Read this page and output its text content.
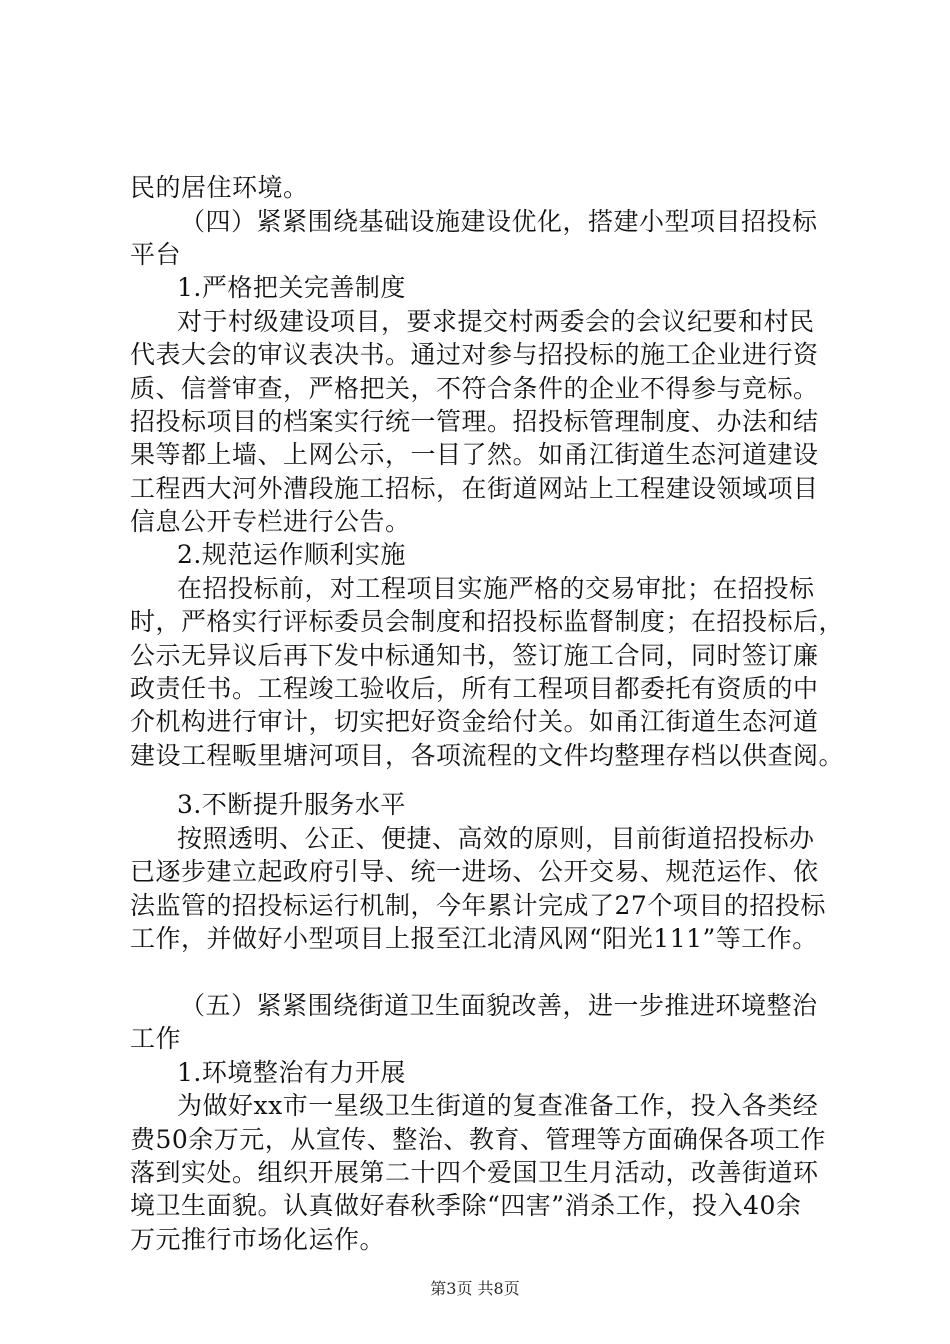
民的居住环境。
（四）紧紧围绕基础设施建设优化，搭建小型项目招投标
平台
1.严格把关完善制度
对于村级建设项目，要求提交村两委会的会议纪要和村民
代表大会的审议表决书。通过对参与招投标的施工企业进行资
质、信誉审查，严格把关，不符合条件的企业不得参与竞标。
招投标项目的档案实行统一管理。招投标管理制度、办法和结
果等都上墙、上网公示，一目了然。如甬江街道生态河道建设
工程西大河外漕段施工招标，在街道网站上工程建设领域项目
信息公开专栏进行公告。
2.规范运作顺利实施
在招投标前，对工程项目实施严格的交易审批；在招投标
时，严格实行评标委员会制度和招投标监督制度；在招投标后，
公示无异议后再下发中标通知书，签订施工合同，同时签订廉
政责任书。工程竣工验收后，所有工程项目都委托有资质的中
介机构进行审计，切实把好资金给付关。如甬江街道生态河道
建设工程畈里塘河项目，各项流程的文件均整理存档以供查阅。
3.不断提升服务水平
按照透明、公正、便捷、高效的原则，目前街道招投标办
已逐步建立起政府引导、统一进场、公开交易、规范运作、依
法监管的招投标运行机制，今年累计完成了27个项目的招投标
工作，并做好小型项目上报至江北清风网“阳光111”等工作。
（五）紧紧围绕街道卫生面貌改善，进一步推进环境整治
工作
1.环境整治有力开展
为做好xx市一星级卫生街道的复查准备工作，投入各类经
费50余万元，从宣传、整治、教育、管理等方面确保各项工作
落到实处。组织开展第二十四个爱国卫生月活动，改善街道环
境卫生面貌。认真做好春秋季除“四害”消杀工作，投入40余
万元推行市场化运作。
第3页 共8页
